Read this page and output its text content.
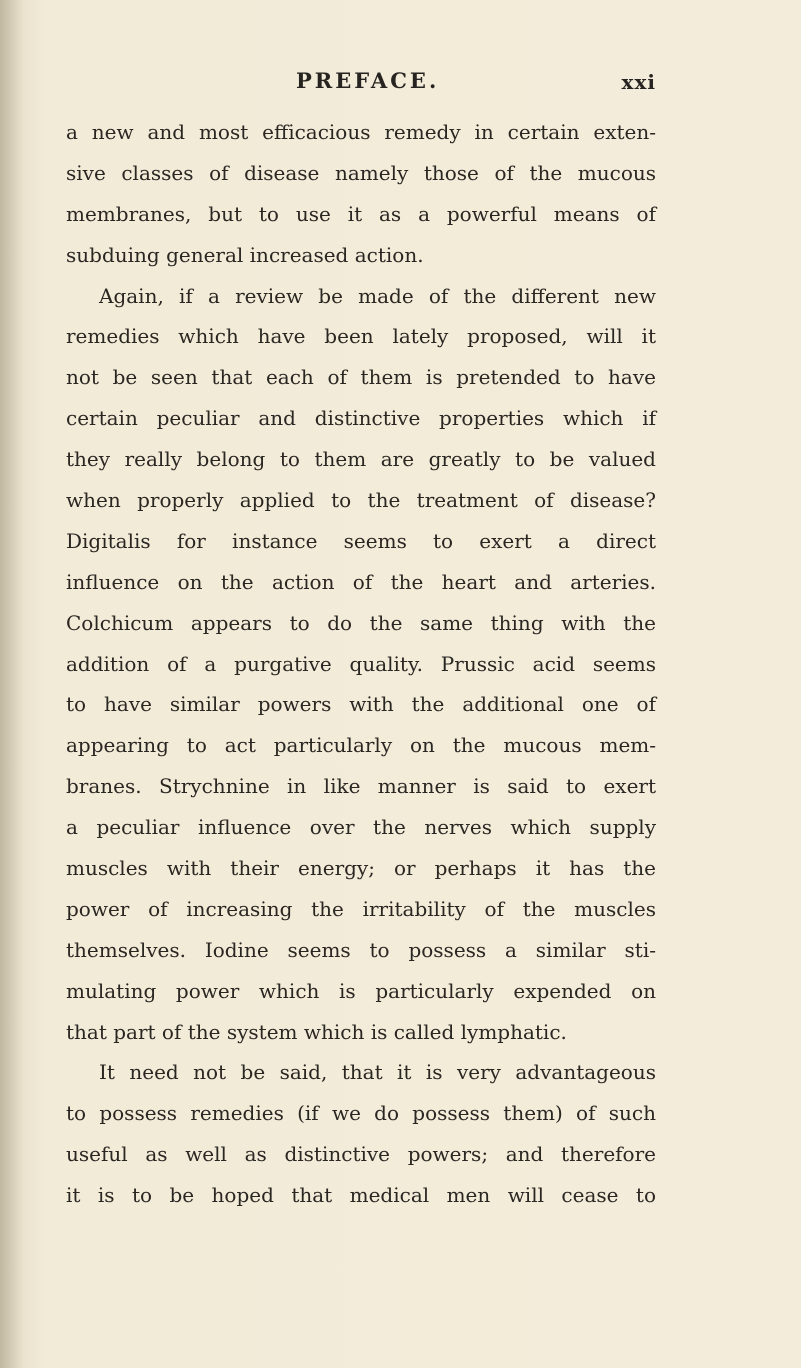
PREFACE.	xxi
a new and most efficacious remedy in certain exten-
sive classes of disease namely those of the mucous
membranes, but to use it as a powerful means of
subduing general increased action.
Again, if a review be made of the different new
remedies which have been lately proposed, will it
not be seen that each of them is pretended to have
certain peculiar and distinctive properties which if
they really belong to them are greatly to be valued
when properly applied to the treatment of disease?
Digitalis for instance seems to exert a direct
influence on the action of the heart and arteries.
Colchicum appears to do the same thing with the
addition of a purgative quality. Prussic acid seems
to have similar powers with the additional one of
appearing to act particularly on the mucous mem-
branes. Strychnine in like manner is said to exert
a peculiar influence over the nerves which supply
muscles with their energy; or perhaps it has the
power of increasing the irritability of the muscles
themselves. Iodine seems to possess a similar sti-
mulating power which is particularly expended on
that part of the system which is called lymphatic.
It need not be said, that it is very advantageous
to possess remedies (if we do possess them) of such
useful as well as distinctive powers; and therefore
it is to be hoped that medical men will cease to
